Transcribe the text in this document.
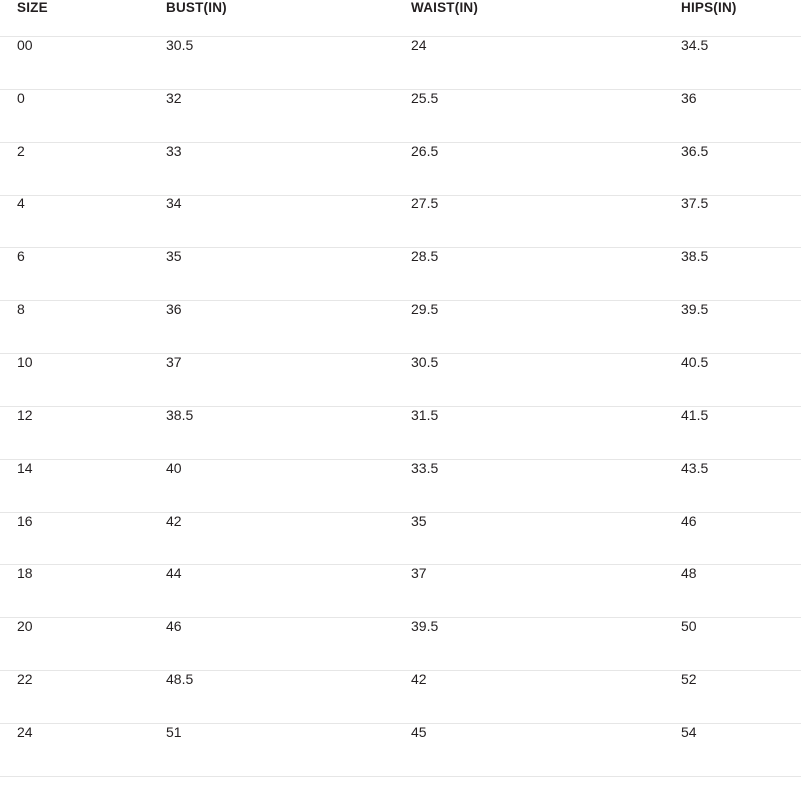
SIZE	BUST(IN)	WAIST(IN)	HIPS(IN)
00	30.5	24	34.5
0	32	25.5	36
2	33	26.5	36.5
4	34	27.5	37.5
6	35	28.5	38.5
8	36	29.5	39.5
10	37	30.5	40.5
12	38.5	31.5	41.5
14	40	33.5	43.5
16	42	35	46
18	44	37	48
20	46	39.5	50
22	48.5	42	52
24	51	45	54
